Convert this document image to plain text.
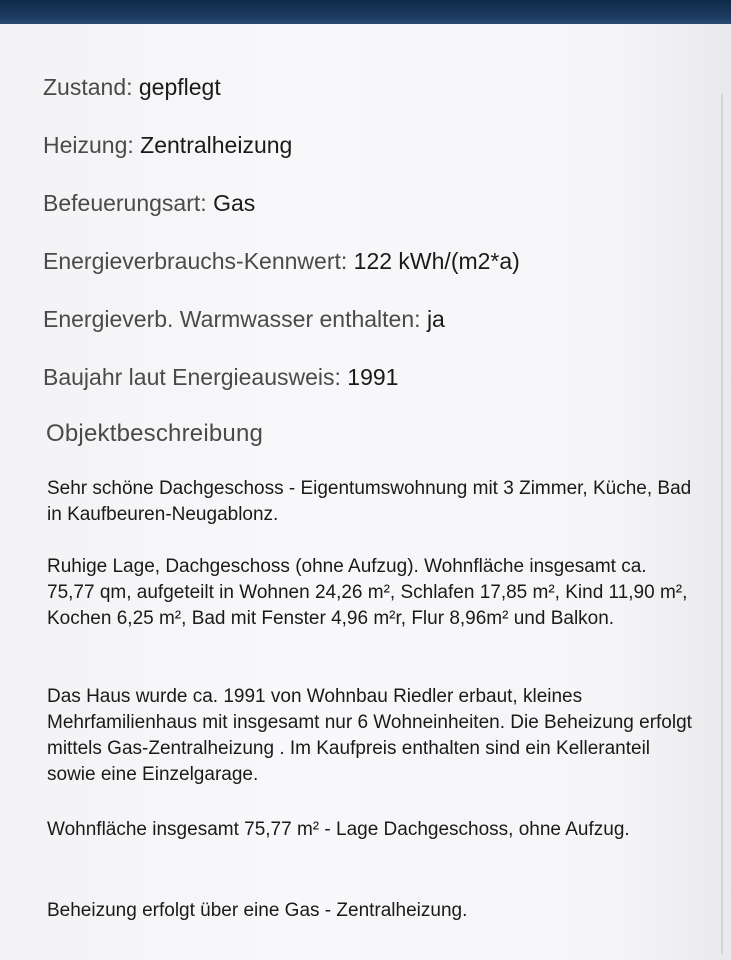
Zustand: gepflegt
Heizung: Zentralheizung
Befeuerungsart: Gas
Energieverbrauchs-Kennwert: 122 kWh/(m2*a)
Energieverb. Warmwasser enthalten: ja
Baujahr laut Energieausweis: 1991
Objektbeschreibung

Sehr schöne Dachgeschoss - Eigentumswohnung mit 3 Zimmer, Küche, Bad in Kaufbeuren-Neugablonz.

Ruhige Lage, Dachgeschoss (ohne Aufzug). Wohnfläche insgesamt ca. 75,77 qm, aufgeteilt in Wohnen 24,26 m², Schlafen 17,85 m², Kind 11,90 m², Kochen 6,25 m², Bad mit Fenster 4,96 m²r, Flur 8,96m² und Balkon.

Das Haus wurde ca. 1991 von Wohnbau Riedler erbaut, kleines Mehrfamilienhaus mit insgesamt nur 6 Wohneinheiten. Die Beheizung erfolgt mittels Gas-Zentralheizung . Im Kaufpreis enthalten sind ein Kelleranteil sowie eine Einzelgarage.

Wohnfläche insgesamt 75,77 m² - Lage Dachgeschoss, ohne Aufzug.

Beheizung erfolgt über eine Gas - Zentralheizung.
